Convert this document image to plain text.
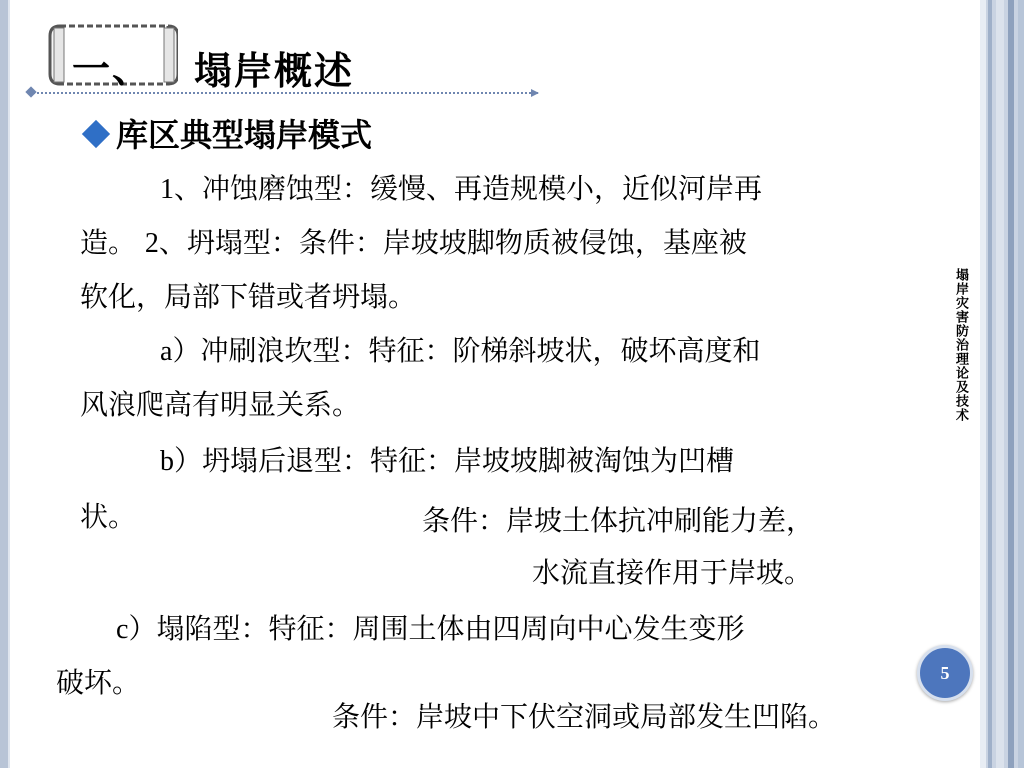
一、 塌岸概述
库区典型塌岸模式
1、冲蚀磨蚀型：缓慢、再造规模小，近似河岸再
造。 2、坍塌型：条件：岸坡坡脚物质被侵蚀，基座被
软化，局部下错或者坍塌。
a）冲刷浪坎型：特征：阶梯斜坡状，破坏高度和
风浪爬高有明显关系。
b）坍塌后退型：特征：岸坡坡脚被淘蚀为凹槽
状。	条件：岸坡土体抗冲刷能力差，
水流直接作用于岸坡。
c）塌陷型：特征：周围土体由四周向中心发生变形
破坏。
条件：岸坡中下伏空洞或局部发生凹陷。
塌岸灾害防治理论及技术
5
